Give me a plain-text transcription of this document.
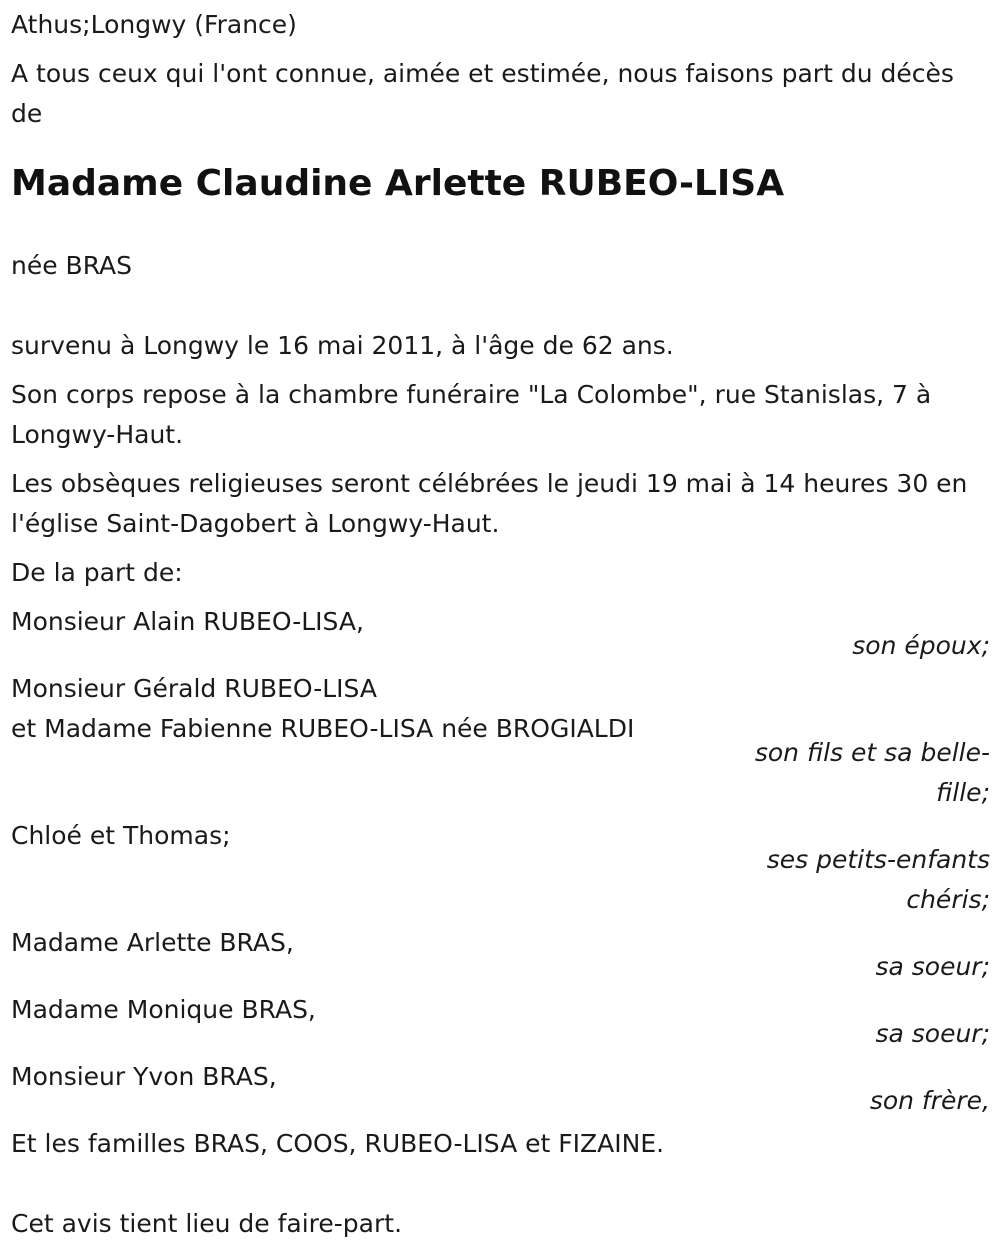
Athus;Longwy (France)

A tous ceux qui l'ont connue, aimée et estimée, nous faisons part du décès de

Madame Claudine Arlette RUBEO-LISA

née BRAS

survenu à Longwy le 16 mai 2011, à l'âge de 62 ans.

Son corps repose à la chambre funéraire "La Colombe", rue Stanislas, 7 à Longwy-Haut.

Les obsèques religieuses seront célébrées le jeudi 19 mai à 14 heures 30 en l'église Saint-Dagobert à Longwy-Haut.

De la part de:

Monsieur Alain RUBEO-LISA,
son époux;
Monsieur Gérald RUBEO-LISA
et Madame Fabienne RUBEO-LISA née BROGIALDI
son fils et sa belle-fille;
Chloé et Thomas;
ses petits-enfants chéris;
Madame Arlette BRAS,
sa soeur;
Madame Monique BRAS,
sa soeur;
Monsieur Yvon BRAS,
son frère,

Et les familles BRAS, COOS, RUBEO-LISA et FIZAINE.

Cet avis tient lieu de faire-part.
